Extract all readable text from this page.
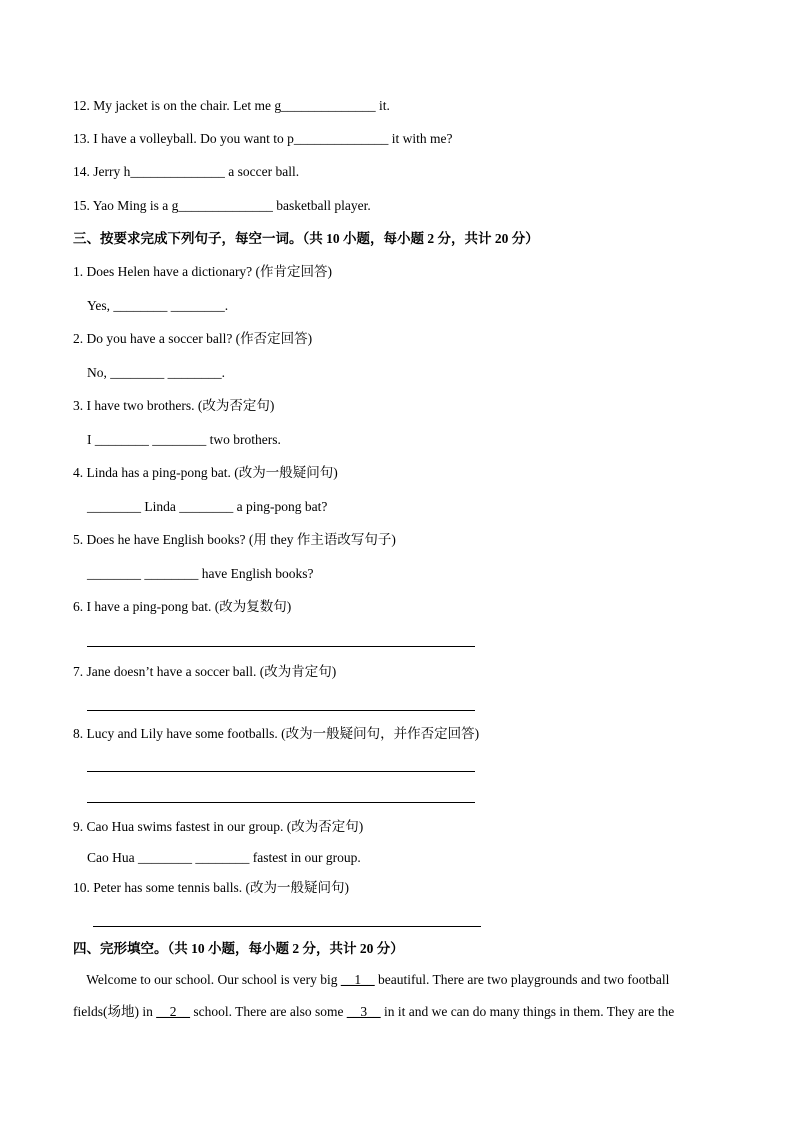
12. My jacket is on the chair. Let me g______________ it.
13. I have a volleyball. Do you want to p______________ it with me?
14. Jerry h______________ a soccer ball.
15. Yao Ming is a g______________ basketball player.
三、按要求完成下列句子，每空一词。（共 10 小题，每小题 2 分，共计 20 分）
1. Does Helen have a dictionary? (作肯定回答)
Yes, ________ ________.
2. Do you have a soccer ball? (作否定回答)
No, ________ ________.
3. I have two brothers. (改为否定句)
I ________ ________ two brothers.
4. Linda has a ping-pong bat. (改为一般疑问句)
________ Linda ________ a ping-pong bat?
5. Does he have English books? (用 they 作主语改写句子)
________ ________ have English books?
6. I have a ping-pong bat. (改为复数句)
7. Jane doesn’t have a soccer ball. (改为肯定句)
8. Lucy and Lily have some footballs. (改为一般疑问句，并作否定回答)
9. Cao Hua swims fastest in our group. (改为否定句)
Cao Hua ________ ________ fastest in our group.
10. Peter has some tennis balls. (改为一般疑问句)
四、完形填空。（共 10 小题，每小题 2 分，共计 20 分）
Welcome to our school. Our school is very big __1__ beautiful. There are two playgrounds and two football
fields(场地) in __2__ school. There are also some __3__ in it and we can do many things in them. They are the
